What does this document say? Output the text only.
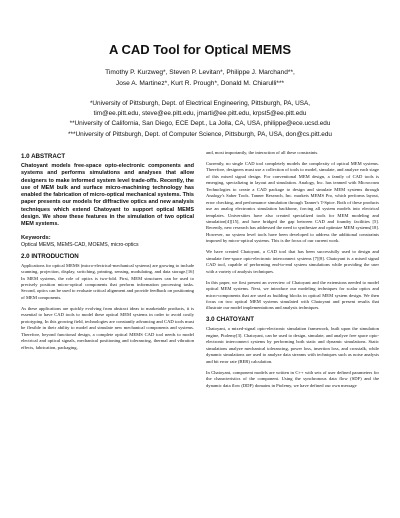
A CAD Tool for Optical MEMS
Timothy P. Kurzweg*, Steven P. Levitan*, Philippe J. Marchand**,
Jose A. Martinez*, Kurt R. Prough*, Donald M. Chiarulli***
*University of Pittsburgh, Dept. of Electrical Engineering, Pittsburgh, PA, USA,
tim@ee.pitt.edu, steve@ee.pitt.edu, jmarti@ee.pitt.edu, krpst5@ee.pitt.edu
**University of California, San Diego, ECE Dept., La Jolla, CA, USA, philippe@ece.ucsd.edu
***University of Pittsburgh, Dept. of Computer Science, Pittsburgh, PA, USA, don@cs.pitt.edu
1.0 ABSTRACT
Chatoyant models free-space opto-electronic components and systems and performs simulations and analyses that allow designers to make informed system level trade-offs. Recently, the use of MEM bulk and surface micro-machining technology has enabled the fabrication of micro-optical mechanical systems. This paper presents our models for diffractive optics and new analysis techniques which extend Chatoyant to support optical MEMS design. We show these features in the simulation of two optical MEM systems.
Keywords:
Optical MEMS, MEMS-CAD, MOEMS, micro-optics
2.0 INTRODUCTION

Applications for optical MEMS (micro-electrical-mechanical systems) are growing to include scanning, projection, display, switching, printing, sensing, modulating, and data storage.[16] In MEM systems, the role of optics is two-fold. First, MEM structures can be used to precisely position micro-optical components that perform information processing tasks. Second, optics can be used to evaluate critical alignment and provide feedback on positioning of MEM components.

As these applications are quickly evolving from abstract ideas to marketable products, it is essential to have CAD tools to model these optical MEM systems in order to avoid costly prototyping. In this growing field, technologies are constantly advancing and CAD tools must be flexible in their ability to model and simulate new mechanical components and systems. Therefore, beyond functional design, a complete optical MEMS CAD tool needs to model electrical and optical signals, mechanical positioning and tolerancing, thermal and vibration effects, fabrication, packaging,

and, most importantly, the interaction of all these constraints.

Currently, no single CAD tool completely models the complexity of optical MEM systems. Therefore, designers must use a collection of tools to model, simulate, and analyze each stage of this mixed signal design. For conventional MEM design, a family of CAD tools is emerging, specializing in layout and simulation. Analogy, Inc. has teamed with Microcosm Technologies to create a CAD package to design and simulate MEM systems through Analogy's Saber Tools. Tanner Research, Inc. markets MEMS Pro, which performs layout, error checking, and performance simulation through Tanner's T-Spice. Both of these products use an analog electronics simulation backbone, forcing all system models into electrical templates. Universities have also created specialized tools for MEM modeling and simulation[4][15], and have bridged the gap between CAD and foundry facilities [5]. Recently, new research has addressed the need to synthesize and optimize MEM systems[18]. However, no system level tools have been developed to address the additional constraints imposed by micro-optical systems. This is the focus of our current work.

We have created Chatoyant, a CAD tool that has been successfully used to design and simulate free-space opto-electronic interconnect systems [7][8]. Chatoyant is a mixed signal CAD tool, capable of performing end-to-end system simulations while providing the user with a variety of analysis techniques.

In this paper, we first present an overview of Chatoyant and the extensions needed to model optical MEM systems. Next, we introduce our modeling techniques for scalar optics and micro-components that are used as building blocks in optical MEM system design. We then focus on two optical MEM systems simulated with Chatoyant and present results that illustrate our model implementations and analysis techniques.

3.0 CHATOYANT

Chatoyant, a mixed-signal opto-electronic simulation framework, built upon the simulation engine, Ptolemy[3]. Chatoyant, can be used to design, simulate, and analyze free space opto-electronic interconnect systems by performing both static and dynamic simulations. Static simulations analyze mechanical tolerancing, power loss, insertion loss, and crosstalk, while dynamic simulations are used to analyze data streams with techniques such as noise analysis and bit error rate (BER) calculation.

In Chatoyant, component models are written in C++ with sets of user defined parameters for the characteristics of the component. Using the synchronous data flow (SDF) and the dynamic data flow (DDF) domains in Ptolemy, we have defined our own message
